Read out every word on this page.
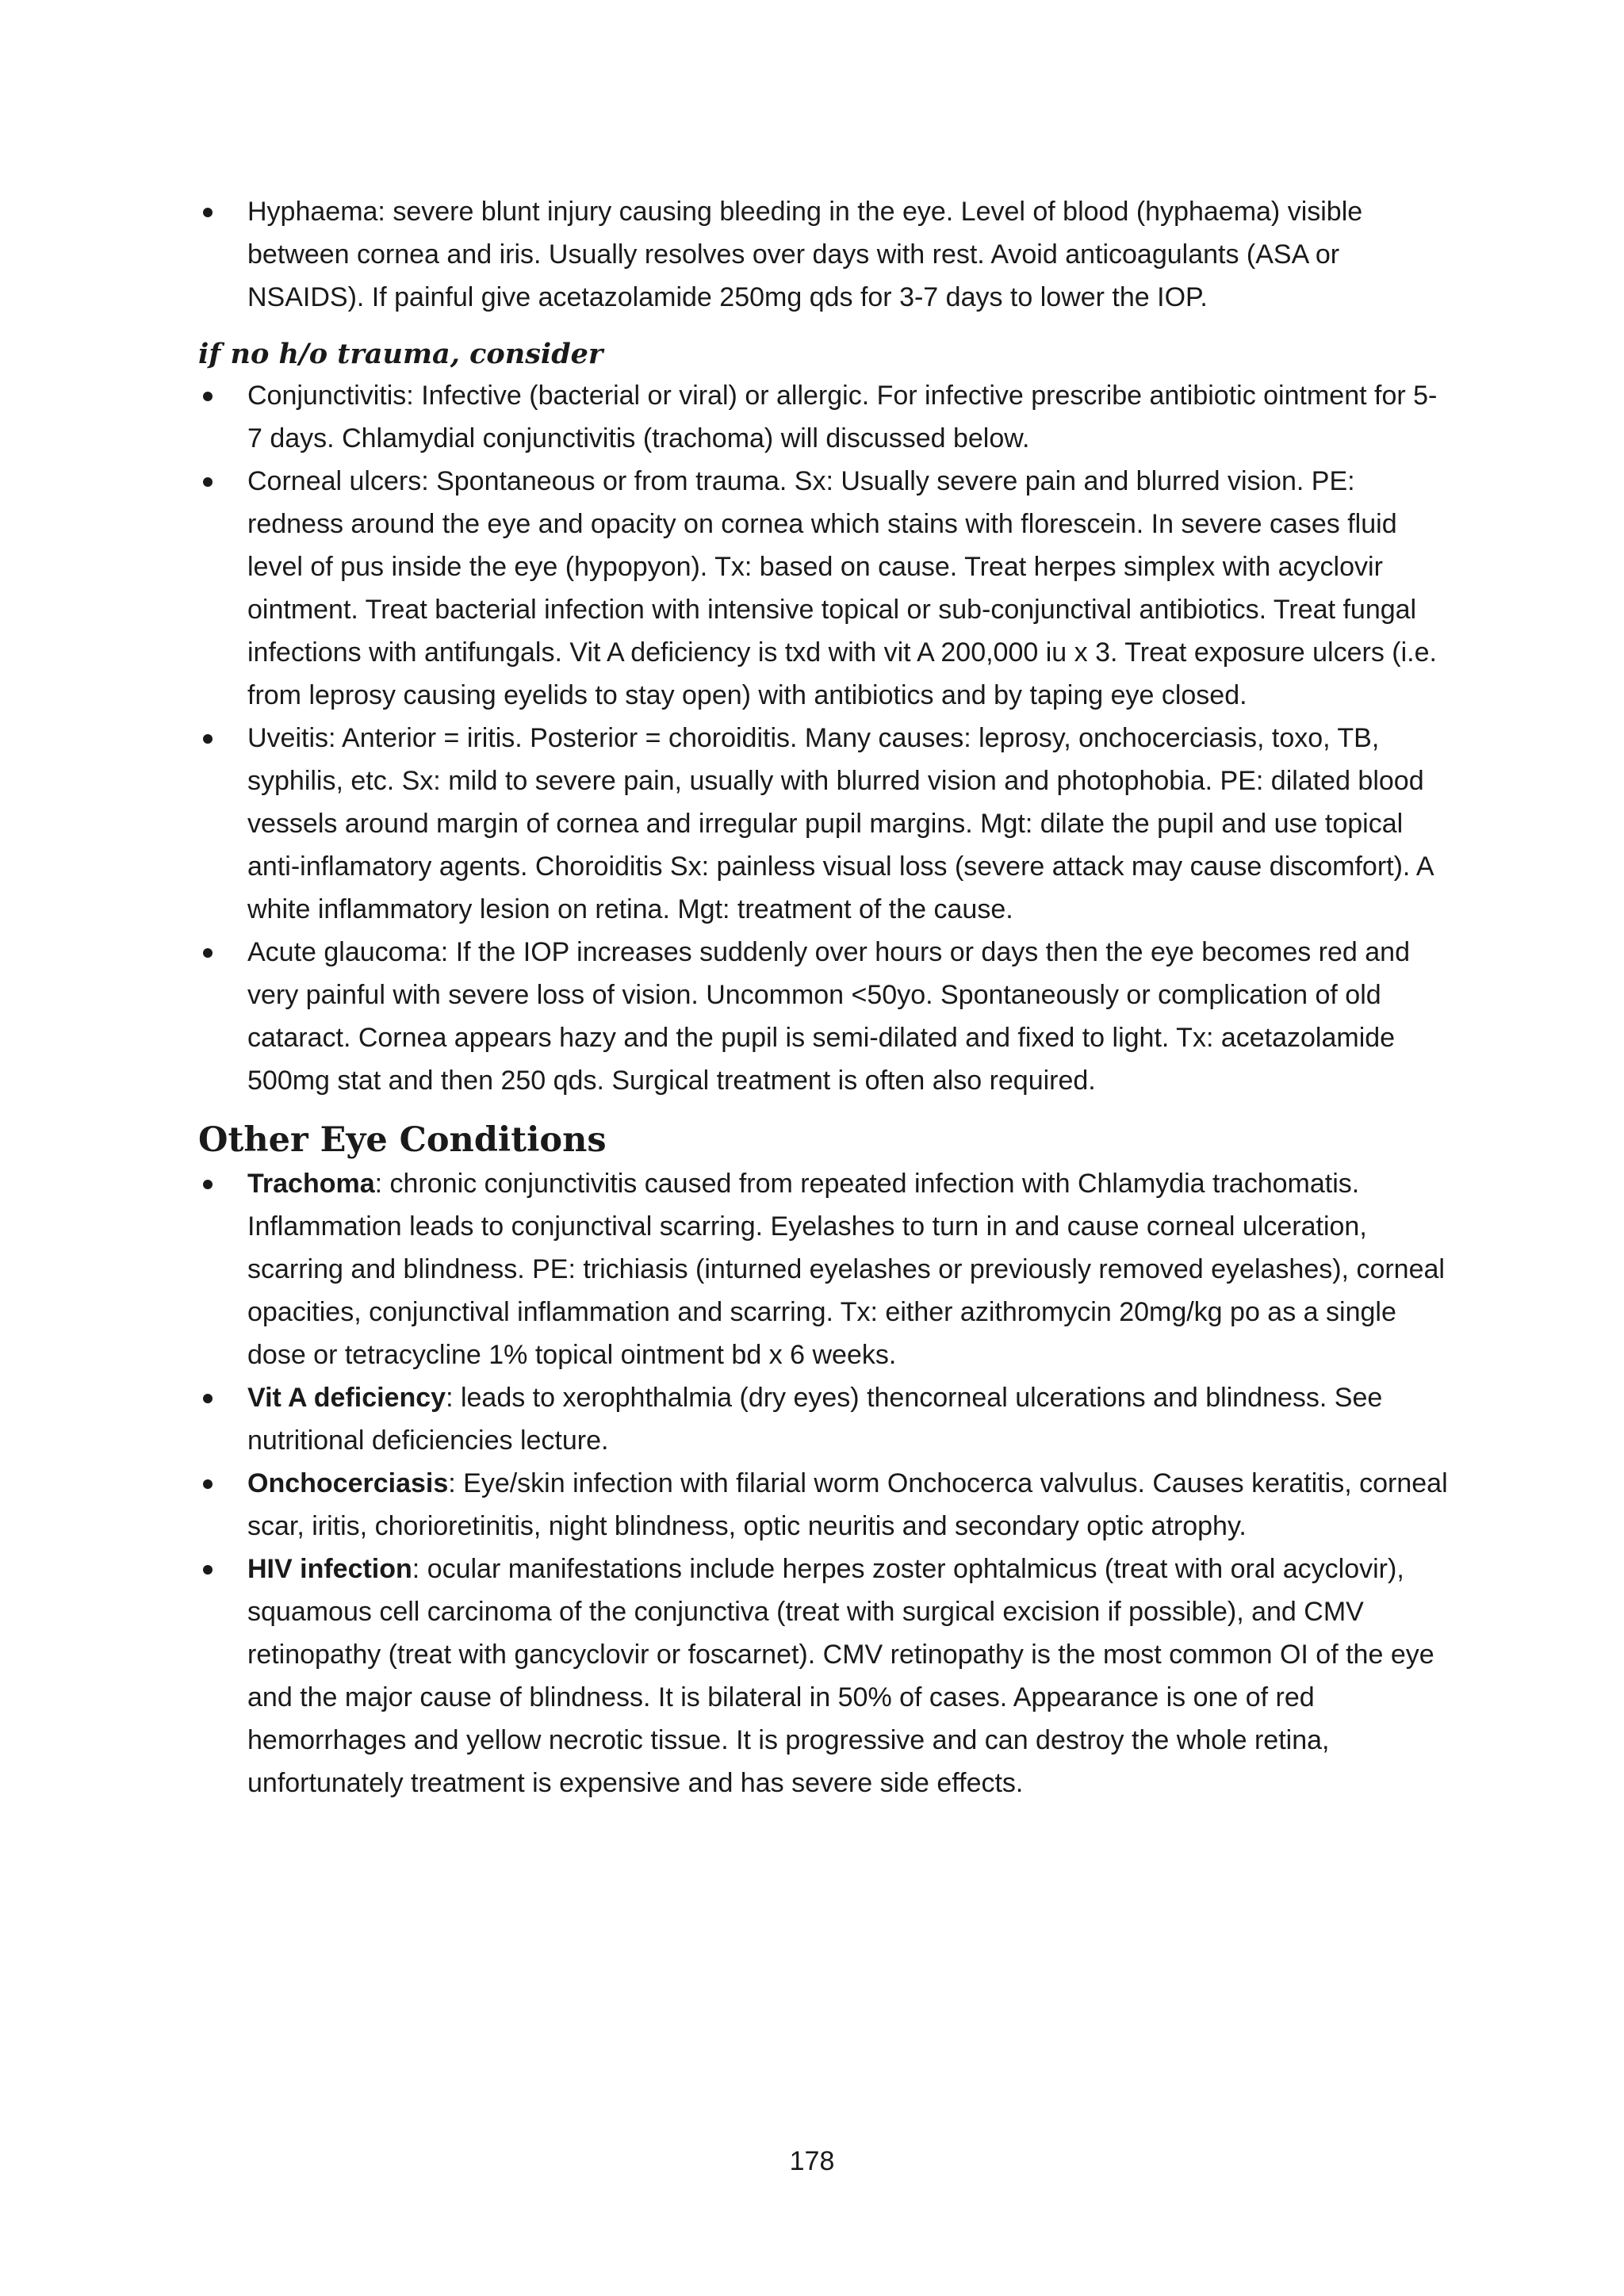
Hyphaema: severe blunt injury causing bleeding in the eye. Level of blood (hyphaema) visible between cornea and iris. Usually resolves over days with rest. Avoid anticoagulants (ASA or NSAIDS). If painful give acetazolamide 250mg qds for 3-7 days to lower the IOP.
if no h/o trauma, consider
Conjunctivitis: Infective (bacterial or viral) or allergic. For infective prescribe antibiotic ointment for 5-7 days. Chlamydial conjunctivitis (trachoma) will discussed below.
Corneal ulcers: Spontaneous or from trauma. Sx: Usually severe pain and blurred vision. PE: redness around the eye and opacity on cornea which stains with florescein. In severe cases fluid level of pus inside the eye (hypopyon). Tx: based on cause. Treat herpes simplex with acyclovir ointment. Treat bacterial infection with intensive topical or sub-conjunctival antibiotics. Treat fungal infections with antifungals. Vit A deficiency is txd with vit A 200,000 iu x 3. Treat exposure ulcers (i.e. from leprosy causing eyelids to stay open) with antibiotics and by taping eye closed.
Uveitis: Anterior = iritis. Posterior = choroiditis. Many causes: leprosy, onchocerciasis, toxo, TB, syphilis, etc. Sx: mild to severe pain, usually with blurred vision and photophobia. PE: dilated blood vessels around margin of cornea and irregular pupil margins. Mgt: dilate the pupil and use topical anti-inflamatory agents. Choroiditis Sx: painless visual loss (severe attack may cause discomfort). A white inflammatory lesion on retina. Mgt: treatment of the cause.
Acute glaucoma: If the IOP increases suddenly over hours or days then the eye becomes red and very painful with severe loss of vision. Uncommon <50yo. Spontaneously or complication of old cataract. Cornea appears hazy and the pupil is semi-dilated and fixed to light. Tx: acetazolamide 500mg stat and then 250 qds. Surgical treatment is often also required.
Other Eye Conditions
Trachoma: chronic conjunctivitis caused from repeated infection with Chlamydia trachomatis. Inflammation leads to conjunctival scarring. Eyelashes to turn in and cause corneal ulceration, scarring and blindness. PE: trichiasis (inturned eyelashes or previously removed eyelashes), corneal opacities, conjunctival inflammation and scarring. Tx: either azithromycin 20mg/kg po as a single dose or tetracycline 1% topical ointment bd x 6 weeks.
Vit A deficiency: leads to xerophthalmia (dry eyes) thencorneal ulcerations and blindness. See nutritional deficiencies lecture.
Onchocerciasis: Eye/skin infection with filarial worm Onchocerca valvulus. Causes keratitis, corneal scar, iritis, chorioretinitis, night blindness, optic neuritis and secondary optic atrophy.
HIV infection: ocular manifestations include herpes zoster ophtalmicus (treat with oral acyclovir), squamous cell carcinoma of the conjunctiva (treat with surgical excision if possible), and CMV retinopathy (treat with gancyclovir or foscarnet). CMV retinopathy is the most common OI of the eye and the major cause of blindness. It is bilateral in 50% of cases. Appearance is one of red hemorrhages and yellow necrotic tissue. It is progressive and can destroy the whole retina, unfortunately treatment is expensive and has severe side effects.
178
